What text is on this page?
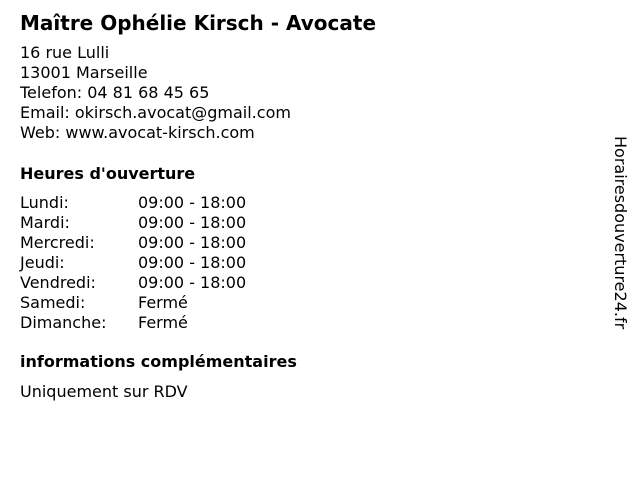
Maître Ophélie Kirsch - Avocate
16 rue Lulli
13001 Marseille
Telefon: 04 81 68 45 65
Email: okirsch.avocat@gmail.com
Web: www.avocat-kirsch.com
Heures d'ouverture
Lundi:	09:00 - 18:00
Mardi:	09:00 - 18:00
Mercredi:	09:00 - 18:00
Jeudi:	09:00 - 18:00
Vendredi:	09:00 - 18:00
Samedi:	Fermé
Dimanche:	Fermé
informations complémentaires
Uniquement sur RDV
Horairesdouverture24.fr
